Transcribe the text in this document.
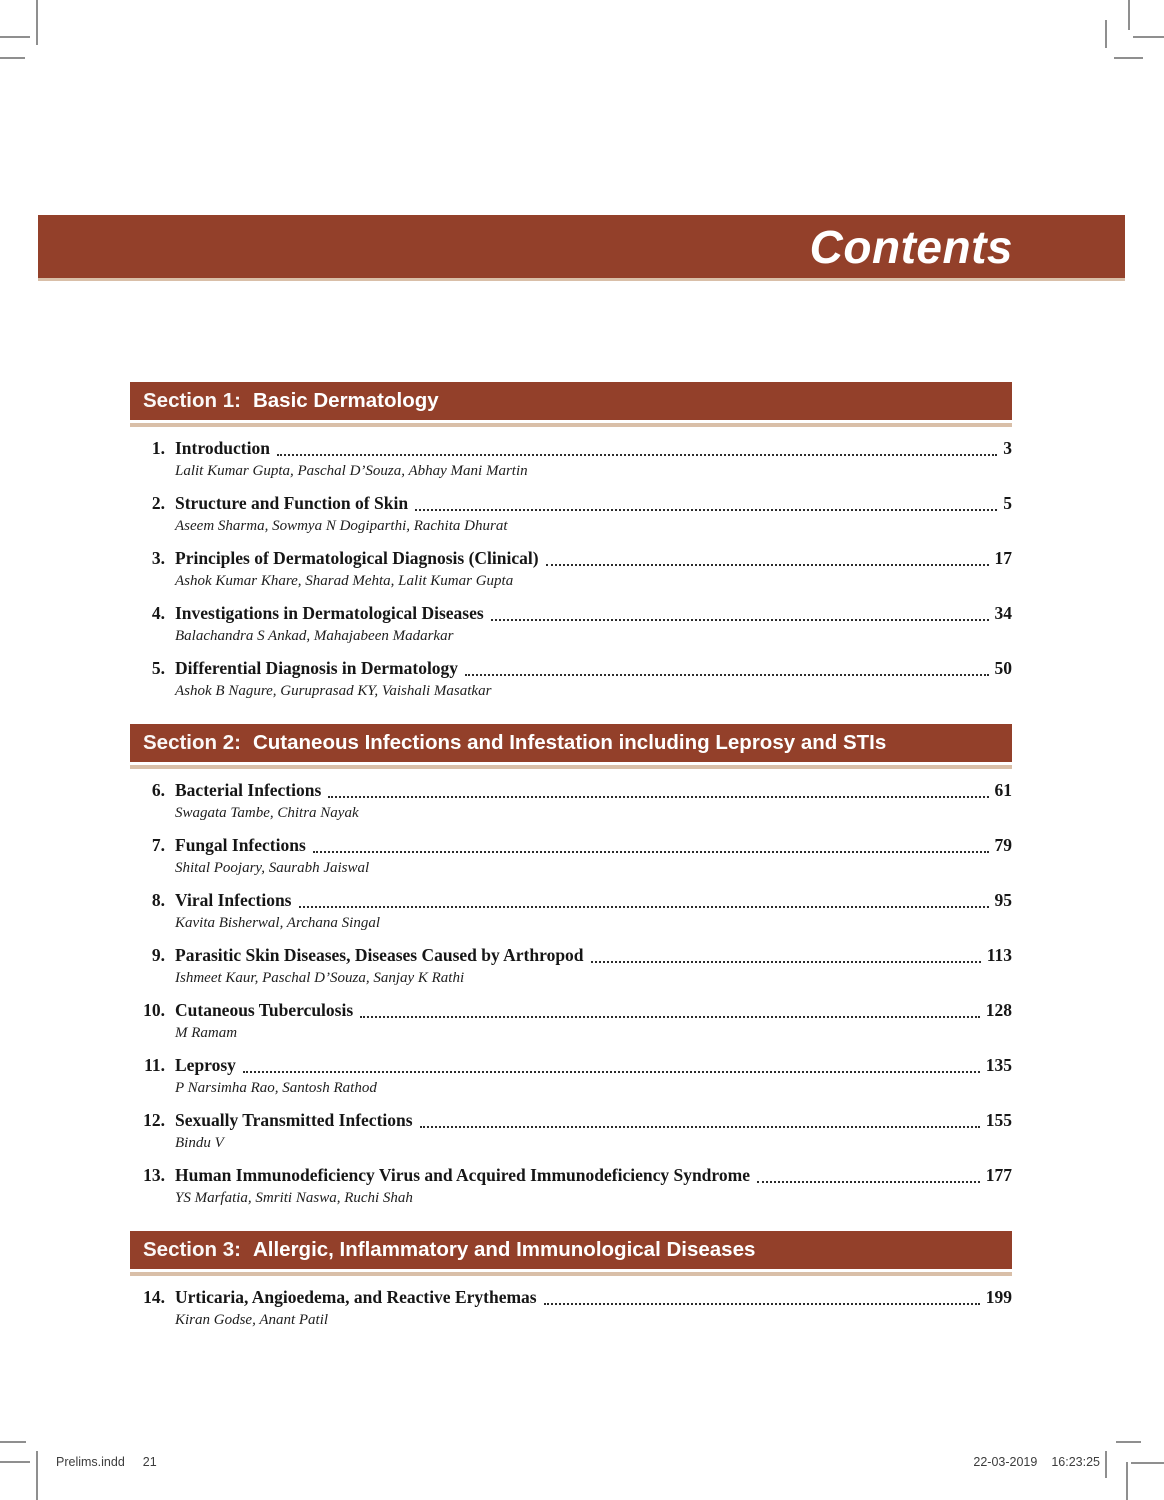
Contents
Section 1: Basic Dermatology
1. Introduction	3
Lalit Kumar Gupta, Paschal D’Souza, Abhay Mani Martin
2. Structure and Function of Skin	5
Aseem Sharma, Sowmya N Dogiparthi, Rachita Dhurat
3. Principles of Dermatological Diagnosis (Clinical)	17
Ashok Kumar Khare, Sharad Mehta, Lalit Kumar Gupta
4. Investigations in Dermatological Diseases	34
Balachandra S Ankad, Mahajabeen Madarkar
5. Differential Diagnosis in Dermatology	50
Ashok B Nagure, Guruprasad KY, Vaishali Masatkar
Section 2: Cutaneous Infections and Infestation including Leprosy and STIs
6. Bacterial Infections	61
Swagata Tambe, Chitra Nayak
7. Fungal Infections	79
Shital Poojary, Saurabh Jaiswal
8. Viral Infections	95
Kavita Bisherwal, Archana Singal
9. Parasitic Skin Diseases, Diseases Caused by Arthropod	113
Ishmeet Kaur, Paschal D’Souza, Sanjay K Rathi
10. Cutaneous Tuberculosis	128
M Ramam
11. Leprosy	135
P Narsimha Rao, Santosh Rathod
12. Sexually Transmitted Infections	155
Bindu V
13. Human Immunodeficiency Virus and Acquired Immunodeficiency Syndrome	177
YS Marfatia, Smriti Naswa, Ruchi Shah
Section 3: Allergic, Inflammatory and Immunological Diseases
14. Urticaria, Angioedema, and Reactive Erythemas	199
Kiran Godse, Anant Patil
Prelims.indd 21	22-03-2019 16:23:25
